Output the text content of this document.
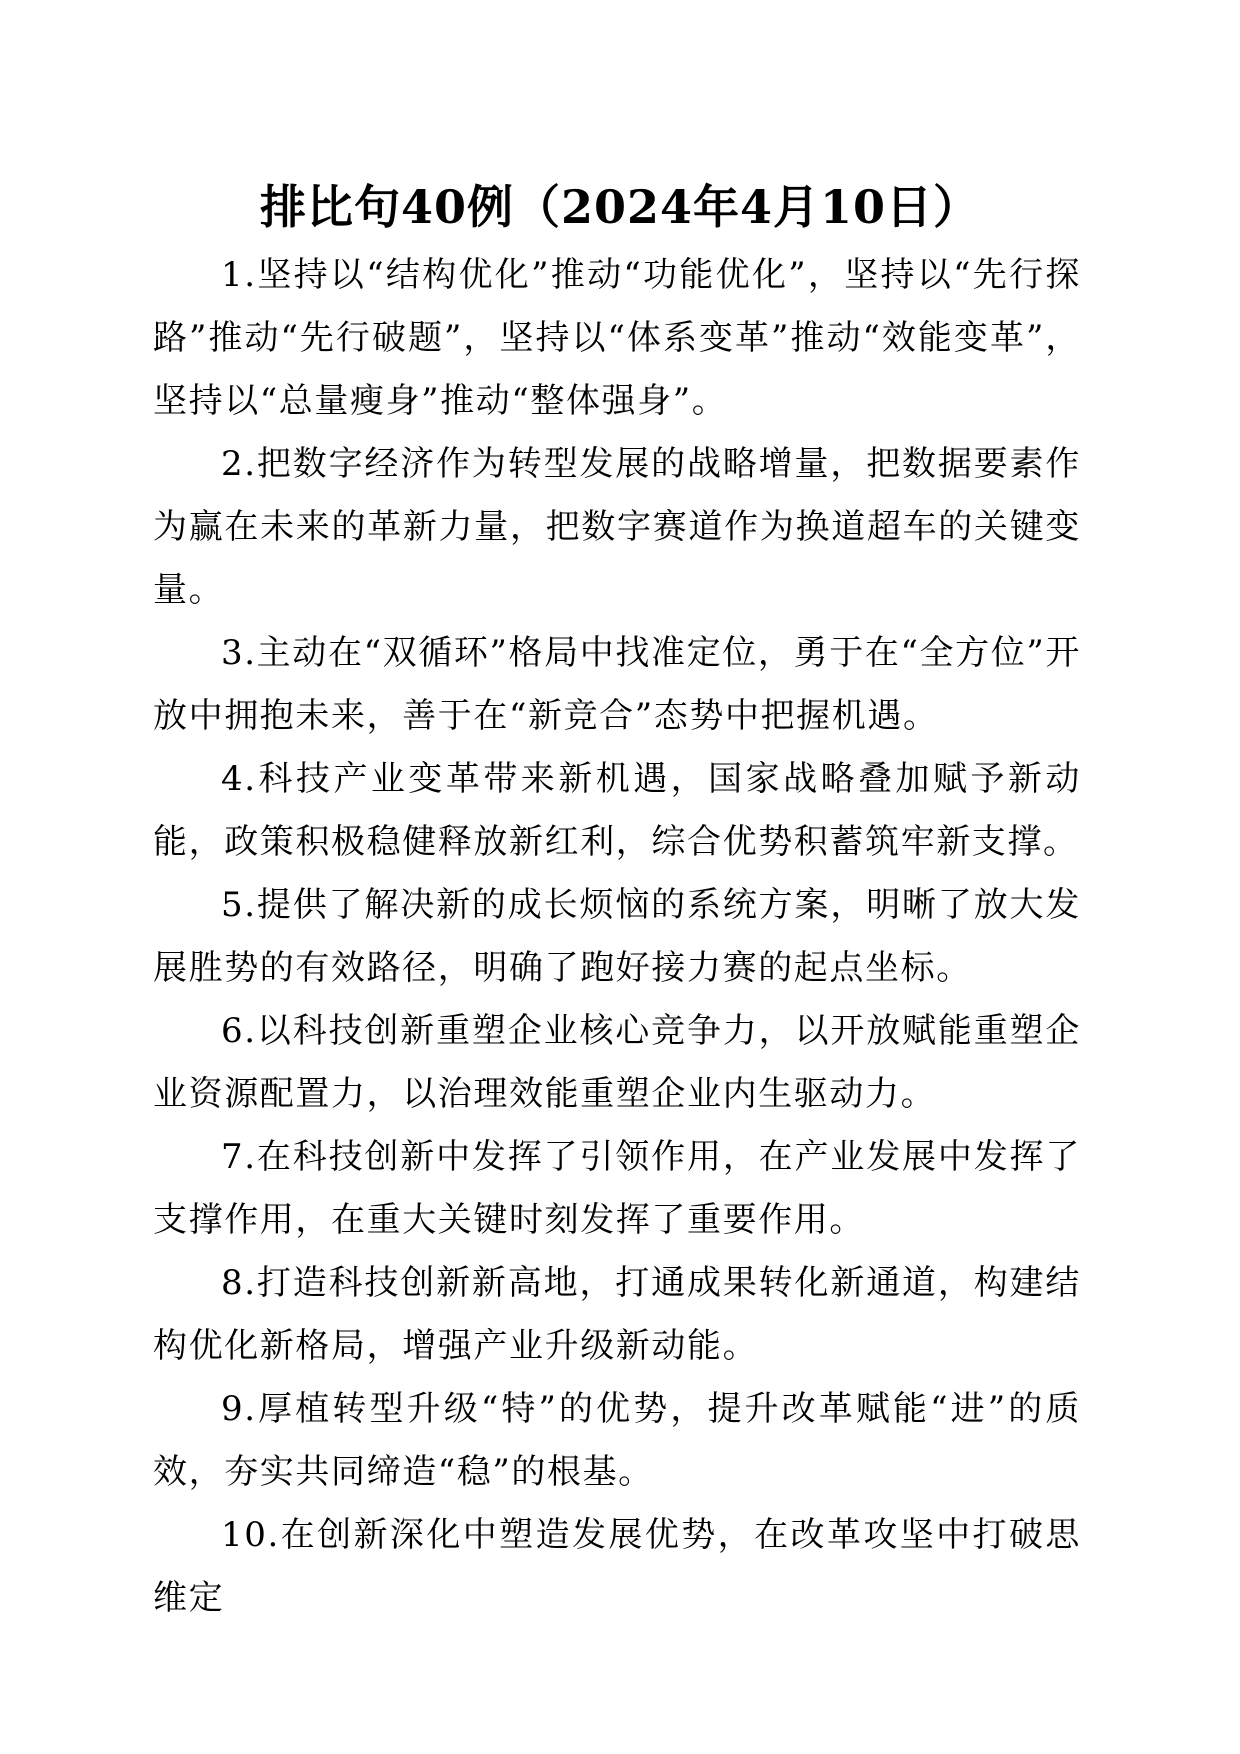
排比句40例（2024年4月10日）

1.坚持以“结构优化”推动“功能优化”，坚持以“先行探路”推动“先行破题”，坚持以“体系变革”推动“效能变革”，坚持以“总量瘦身”推动“整体强身”。

2.把数字经济作为转型发展的战略增量，把数据要素作为赢在未来的革新力量，把数字赛道作为换道超车的关键变量。

3.主动在“双循环”格局中找准定位，勇于在“全方位”开放中拥抱未来，善于在“新竞合”态势中把握机遇。

4.科技产业变革带来新机遇，国家战略叠加赋予新动能，政策积极稳健释放新红利，综合优势积蓄筑牢新支撑。

5.提供了解决新的成长烦恼的系统方案，明晰了放大发展胜势的有效路径，明确了跑好接力赛的起点坐标。

6.以科技创新重塑企业核心竞争力，以开放赋能重塑企业资源配置力，以治理效能重塑企业内生驱动力。

7.在科技创新中发挥了引领作用，在产业发展中发挥了支撑作用，在重大关键时刻发挥了重要作用。

8.打造科技创新新高地，打通成果转化新通道，构建结构优化新格局，增强产业升级新动能。

9.厚植转型升级“特”的优势，提升改革赋能“进”的质效，夯实共同缔造“稳”的根基。

10.在创新深化中塑造发展优势，在改革攻坚中打破思维定
